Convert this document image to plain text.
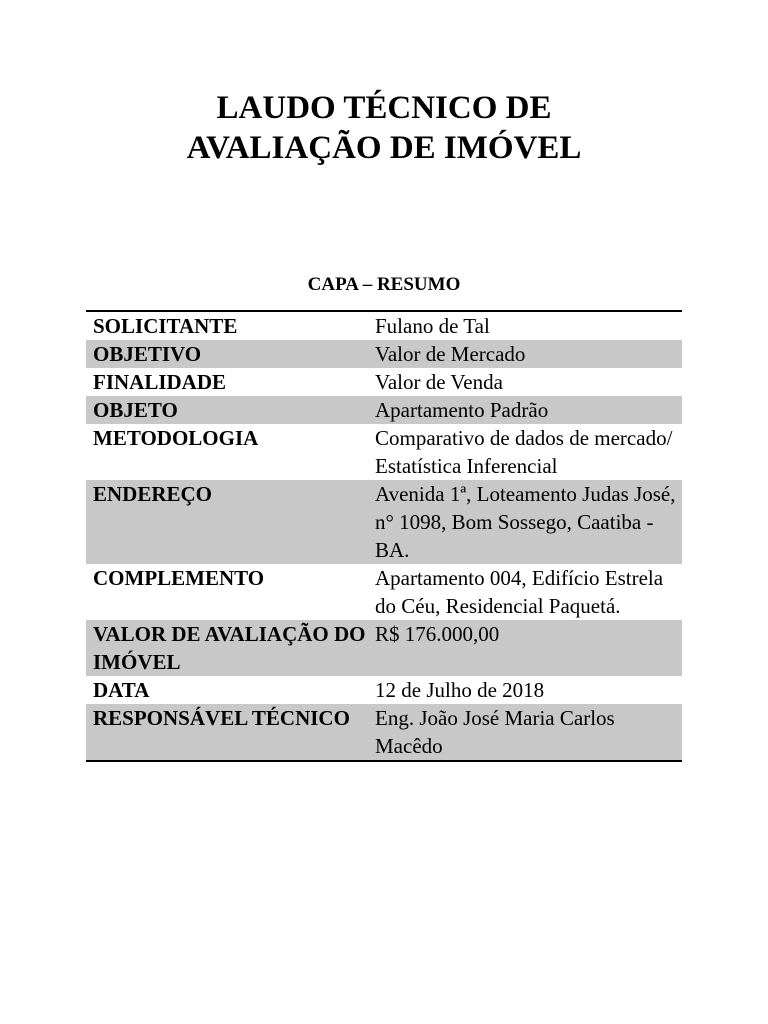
LAUDO TÉCNICO DE
AVALIAÇÃO DE IMÓVEL
CAPA – RESUMO
SOLICITANTE	Fulano de Tal
OBJETIVO	Valor de Mercado
FINALIDADE	Valor de Venda
OBJETO	Apartamento Padrão
METODOLOGIA	Comparativo de dados de mercado/ Estatística Inferencial
ENDEREÇO	Avenida 1ª, Loteamento Judas José, n° 1098, Bom Sossego, Caatiba - BA.
COMPLEMENTO	Apartamento 004, Edifício Estrela do Céu, Residencial Paquetá.
VALOR DE AVALIAÇÃO DO IMÓVEL	R$ 176.000,00
DATA	12 de Julho de 2018
RESPONSÁVEL TÉCNICO	Eng. João José Maria Carlos Macêdo
